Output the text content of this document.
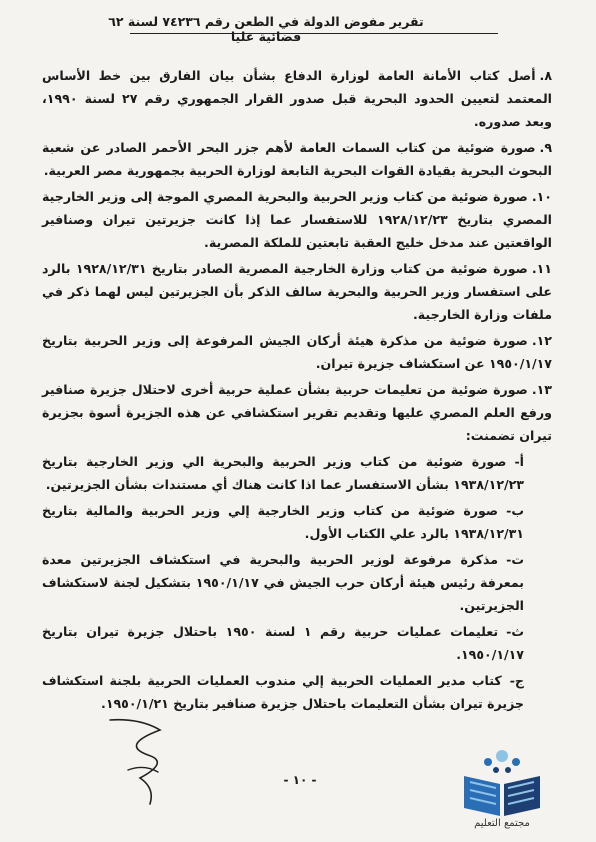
تقرير مفوض الدولة في الطعن رقم ٧٤٢٣٦ لسنة ٦٢ قضائية عليا
٨.أصل كتاب الأمانة العامة لوزارة الدفاع بشأن بيان الفارق بين خط الأساس المعتمد لتعيين الحدود البحرية قبل صدور القرار الجمهوري رقم ٢٧ لسنة ١٩٩٠، وبعد صدوره.
٩.صورة ضوئية من كتاب السمات العامة لأهم جزر البحر الأحمر الصادر عن شعبة البحوث البحرية بقيادة القوات البحرية التابعة لوزارة الحربية بجمهورية مصر العربية.
١٠.صورة ضوئية من كتاب وزير الحربية والبحرية المصري الموجة إلى وزير الخارجية المصري بتاريخ ١٩٢٨/١٢/٢٣ للاستفسار عما إذا كانت جزيرتين تيران وصنافير الواقعتين عند مدخل خليج العقبة تابعتين للملكة المصرية.
١١.صورة ضوئية من كتاب وزارة الخارجية المصرية الصادر بتاريخ ١٩٢٨/١٢/٣١ بالرد على استفسار وزير الحربية والبحرية سالف الذكر بأن الجزيرتين ليس لهما ذكر في ملفات وزارة الخارجية.
١٢.صورة ضوئية من مذكرة هيئة أركان الجيش المرفوعة إلى وزير الحربية بتاريخ ١٩٥٠/١/١٧ عن استكشاف جزيرة تيران.
١٣.صورة ضوئية من تعليمات حربية بشأن عملية حربية أخرى لاحتلال جزيرة صنافير ورفع العلم المصري عليها وتقديم تقرير استكشافي عن هذه الجزيرة أسوة بجزيرة تيران تضمنت:
أ-صورة ضوئية من كتاب وزير الحربية والبحرية الي وزير الخارجية بتاريخ ١٩٣٨/١٢/٢٣ بشأن الاستفسار عما اذا كانت هناك أي مستندات بشأن الجزيرتين.
ب-صورة ضوئية من كتاب وزير الخارجية إلي وزير الحربية والمالية بتاريخ ١٩٣٨/١٢/٣١ بالرد علي الكتاب الأول.
ت-مذكرة مرفوعة لوزير الحربية والبحرية في استكشاف الجزيرتين معدة بمعرفة رئيس هيئة أركان حرب الجيش في ١٩٥٠/١/١٧ بتشكيل لجنة لاستكشاف الجزيرتين.
ث-تعليمات عمليات حربية رقم ١ لسنة ١٩٥٠ باحتلال جزيرة تيران بتاريخ ١٩٥٠/١/١٧.
ج-كتاب مدير العمليات الحربية إلي مندوب العمليات الحربية بلجنة استكشاف جزيرة تيران بشأن التعليمات باحتلال جزيرة صنافير بتاريخ ١٩٥٠/١/٢١.
- ١٠ -
مجتمع التعليم
